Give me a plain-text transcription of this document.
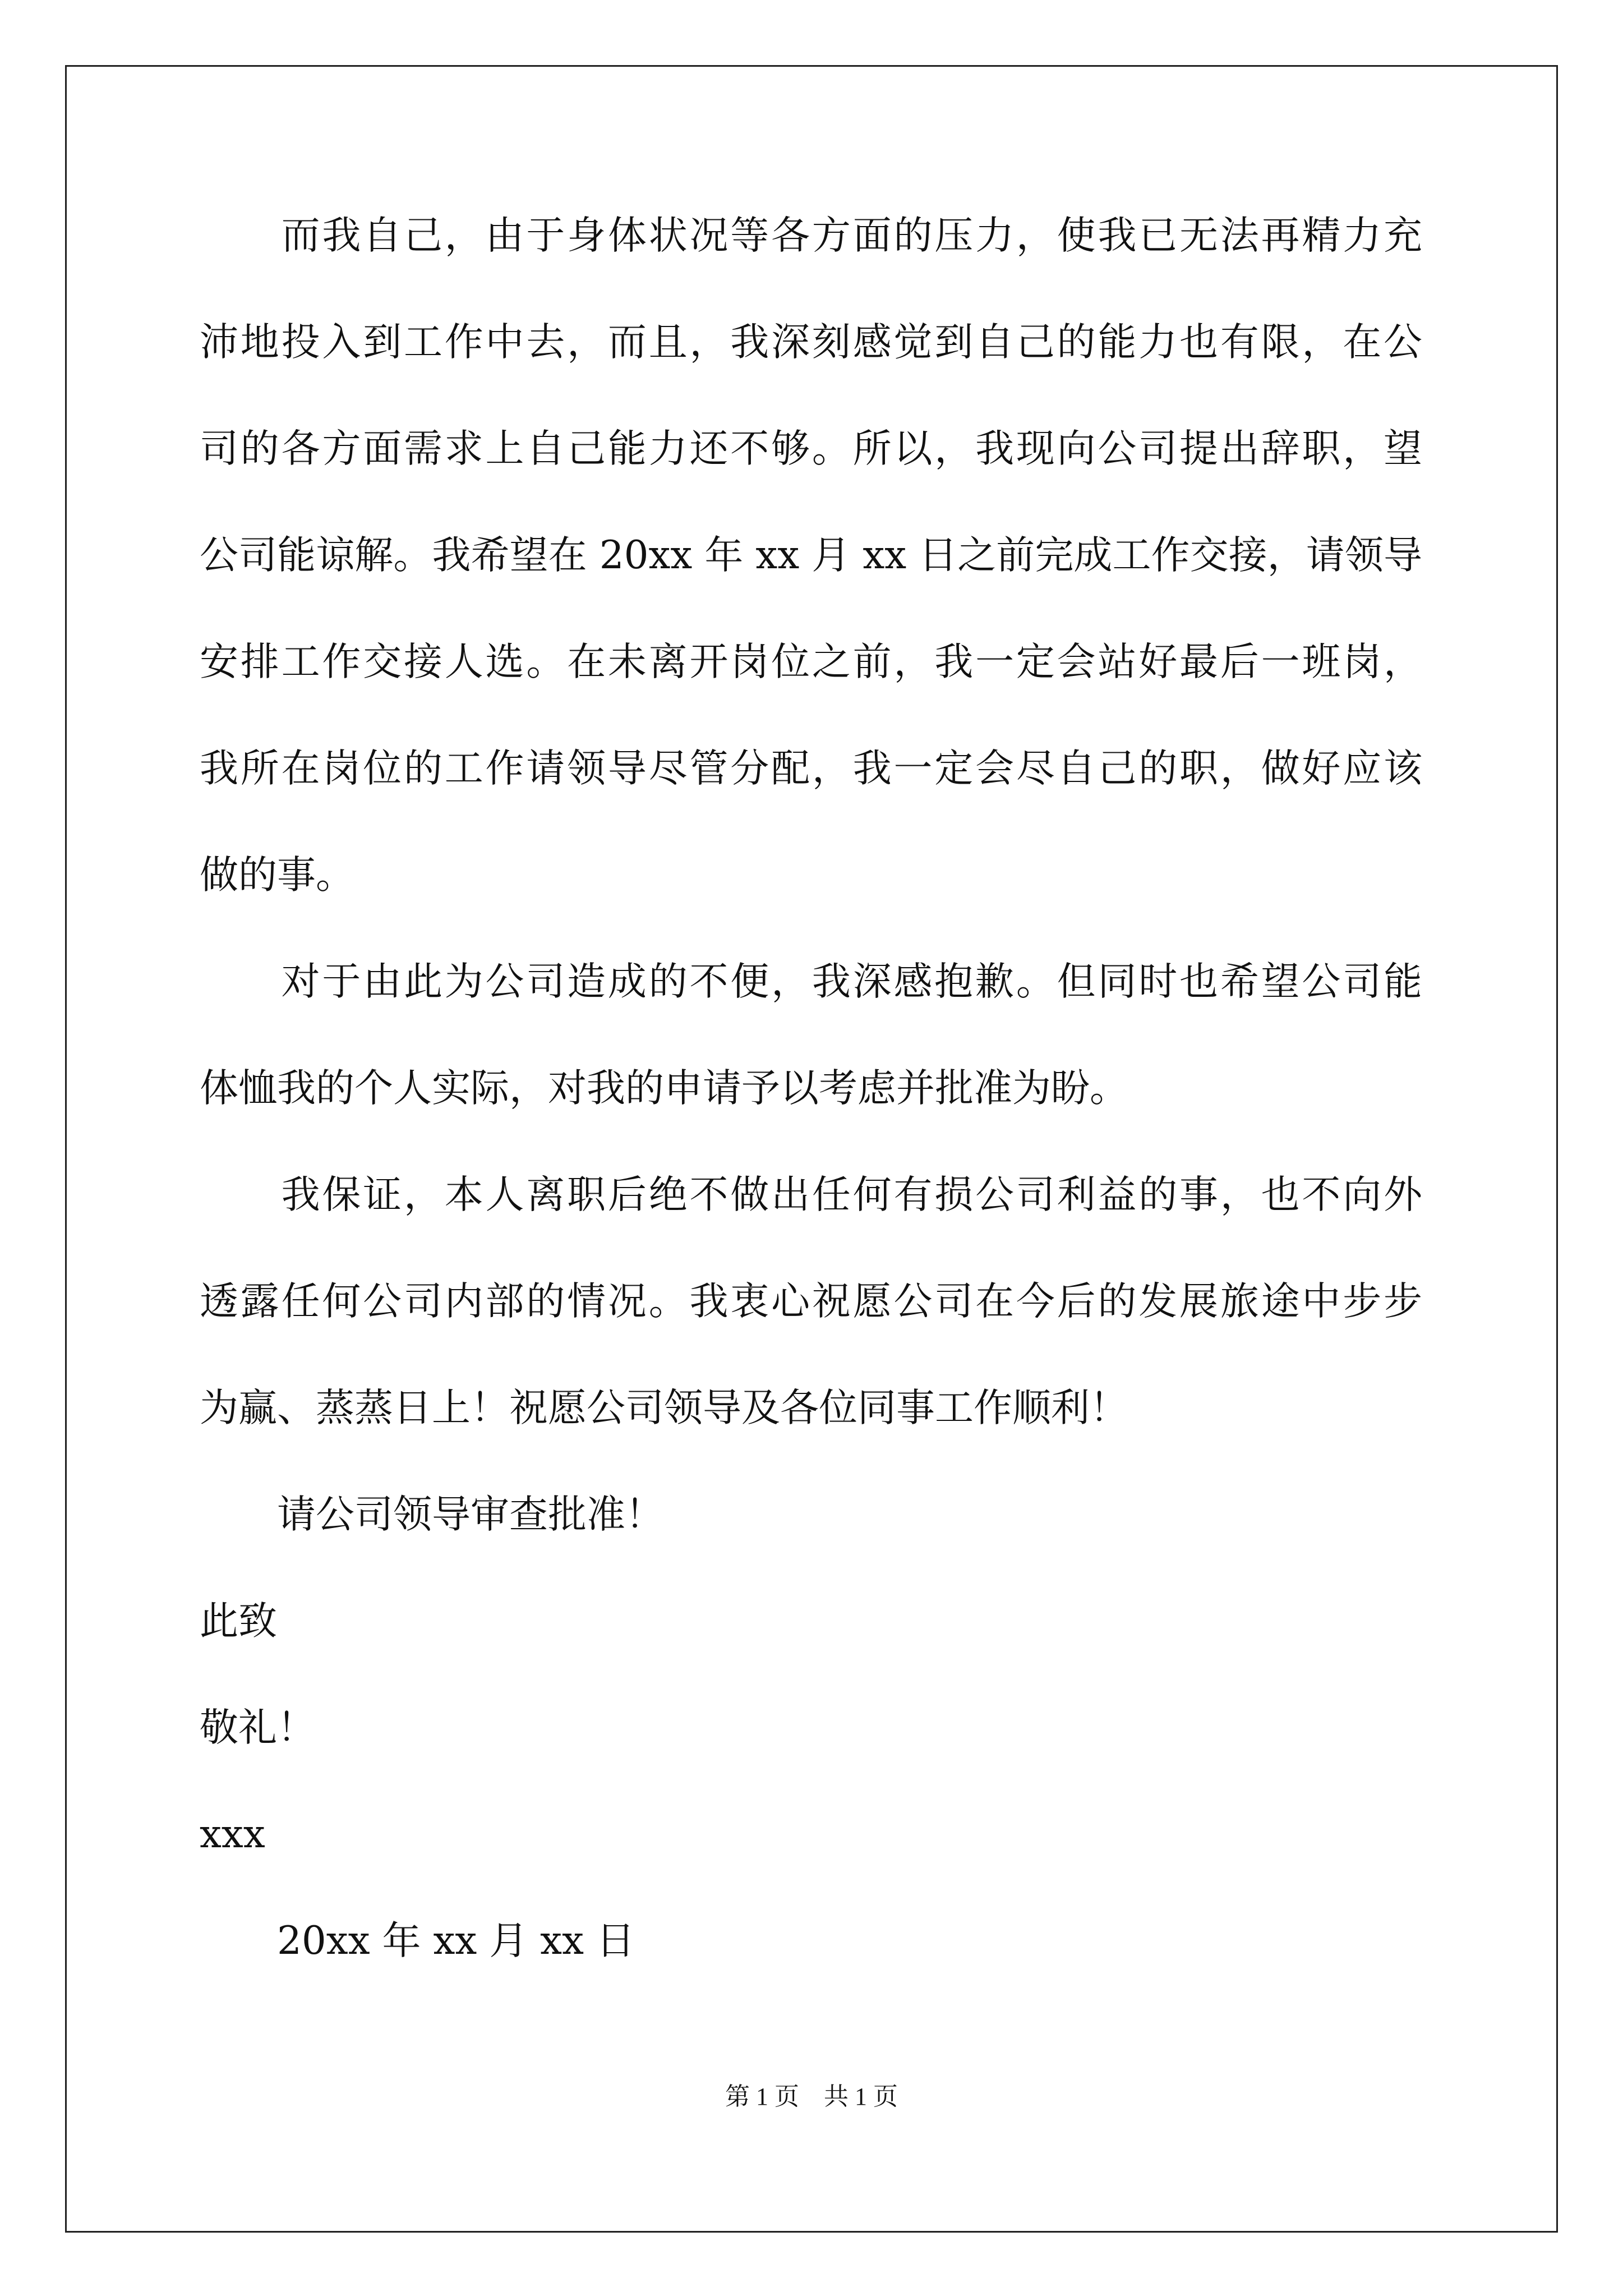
　　而我自己，由于身体状况等各方面的压力，使我已无法再精力充
沛地投入到工作中去，而且，我深刻感觉到自己的能力也有限，在公
司的各方面需求上自己能力还不够。所以，我现向公司提出辞职，望
公司能谅解。我希望在 20xx 年 xx 月 xx 日之前完成工作交接，请领导
安排工作交接人选。在未离开岗位之前，我一定会站好最后一班岗，
我所在岗位的工作请领导尽管分配，我一定会尽自己的职，做好应该
做的事。
　　对于由此为公司造成的不便，我深感抱歉。但同时也希望公司能
体恤我的个人实际，对我的申请予以考虑并批准为盼。
　　我保证，本人离职后绝不做出任何有损公司利益的事，也不向外
透露任何公司内部的情况。我衷心祝愿公司在今后的发展旅途中步步
为赢、蒸蒸日上！祝愿公司领导及各位同事工作顺利！
　　请公司领导审查批准！
此致
敬礼！
xxx
　　20xx 年 xx 月 xx 日
第 1 页　共 1 页
